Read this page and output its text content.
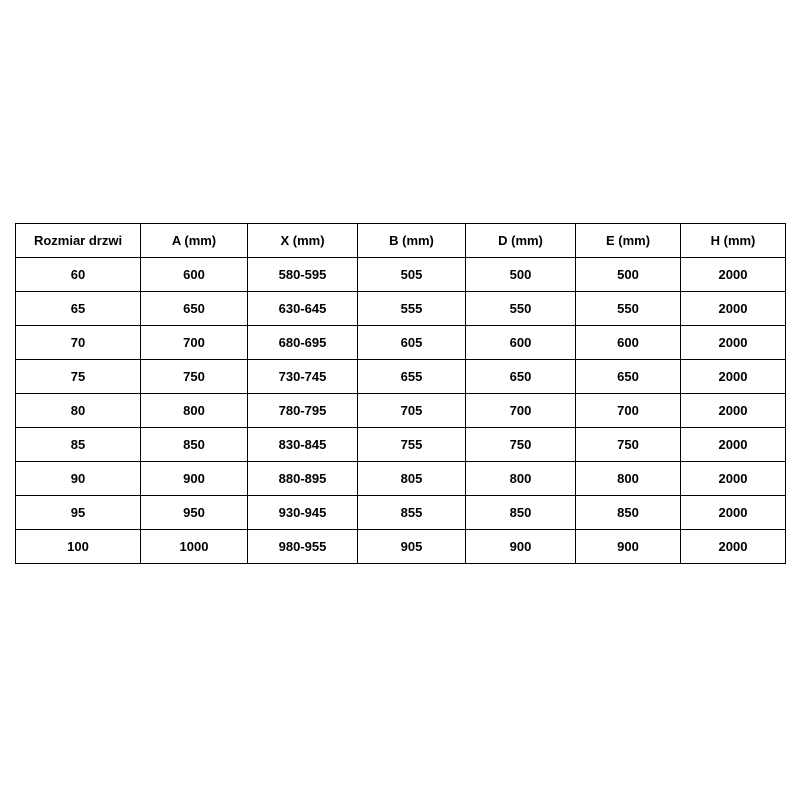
Rozmiar drzwi	A (mm)	X (mm)	B (mm)	D (mm)	E (mm)	H (mm)
60	600	580-595	505	500	500	2000
65	650	630-645	555	550	550	2000
70	700	680-695	605	600	600	2000
75	750	730-745	655	650	650	2000
80	800	780-795	705	700	700	2000
85	850	830-845	755	750	750	2000
90	900	880-895	805	800	800	2000
95	950	930-945	855	850	850	2000
100	1000	980-955	905	900	900	2000
